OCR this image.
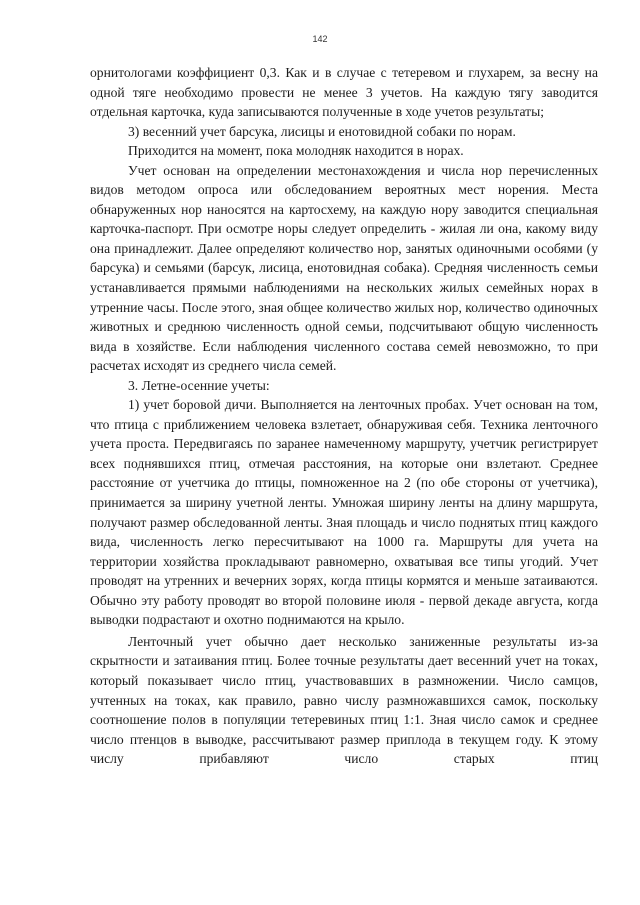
142

орнитологами коэффициент 0,3. Как и в случае с тетеревом и глухарем, за весну на одной тяге необходимо провести не менее 3 учетов. На каждую тягу заводится отдельная карточка, куда записываются полученные в ходе учетов результаты;

3) весенний учет барсука, лисицы и енотовидной собаки по норам.

Приходится на момент, пока молодняк находится в норах.

Учет основан на определении местонахождения и числа нор перечисленных видов методом опроса или обследованием вероятных мест норения. Места обнаруженных нор наносятся на картосхему, на каждую нору заводится специальная карточка-паспорт. При осмотре норы следует определить - жилая ли она, какому виду она принадлежит. Далее определяют количество нор, занятых одиночными особями (у барсука) и семьями (барсук, лисица, енотовидная собака). Средняя численность семьи устанавливается прямыми наблюдениями на нескольких жилых семейных норах в утренние часы. После этого, зная общее количество жилых нор, количество одиночных животных и среднюю численность одной семьи, подсчитывают общую численность вида в хозяйстве. Если наблюдения численного состава семей невозможно, то при расчетах исходят из среднего числа семей.

3. Летне-осенние учеты:

1) учет боровой дичи. Выполняется на ленточных пробах. Учет основан на том, что птица с приближением человека взлетает, обнаруживая себя. Техника ленточного учета проста. Передвигаясь по заранее намеченному маршруту, учетчик регистрирует всех поднявшихся птиц, отмечая расстояния, на которые они взлетают. Среднее расстояние от учетчика до птицы, помноженное на 2 (по обе стороны от учетчика), принимается за ширину учетной ленты. Умножая ширину ленты на длину маршрута, получают размер обследованной ленты. Зная площадь и число поднятых птиц каждого вида, численность легко пересчитывают на 1000 га. Маршруты для учета на территории хозяйства прокладывают равномерно, охватывая все типы угодий. Учет проводят на утренних и вечерних зорях, когда птицы кормятся и меньше затаиваются. Обычно эту работу проводят во второй половине июля - первой декаде августа, когда выводки подрастают и охотно поднимаются на крыло.

Ленточный учет обычно дает несколько заниженные результаты из-за скрытности и затаивания птиц. Более точные результаты дает весенний учет на токах, который показывает число птиц, участвовавших в размножении. Число самцов, учтенных на токах, как правило, равно числу размножавшихся самок, поскольку соотношение полов в популяции тетеревиных птиц 1:1. Зная число самок и среднее число птенцов в выводке, рассчитывают размер приплода в текущем году. К этому числу прибавляют число старых птиц
